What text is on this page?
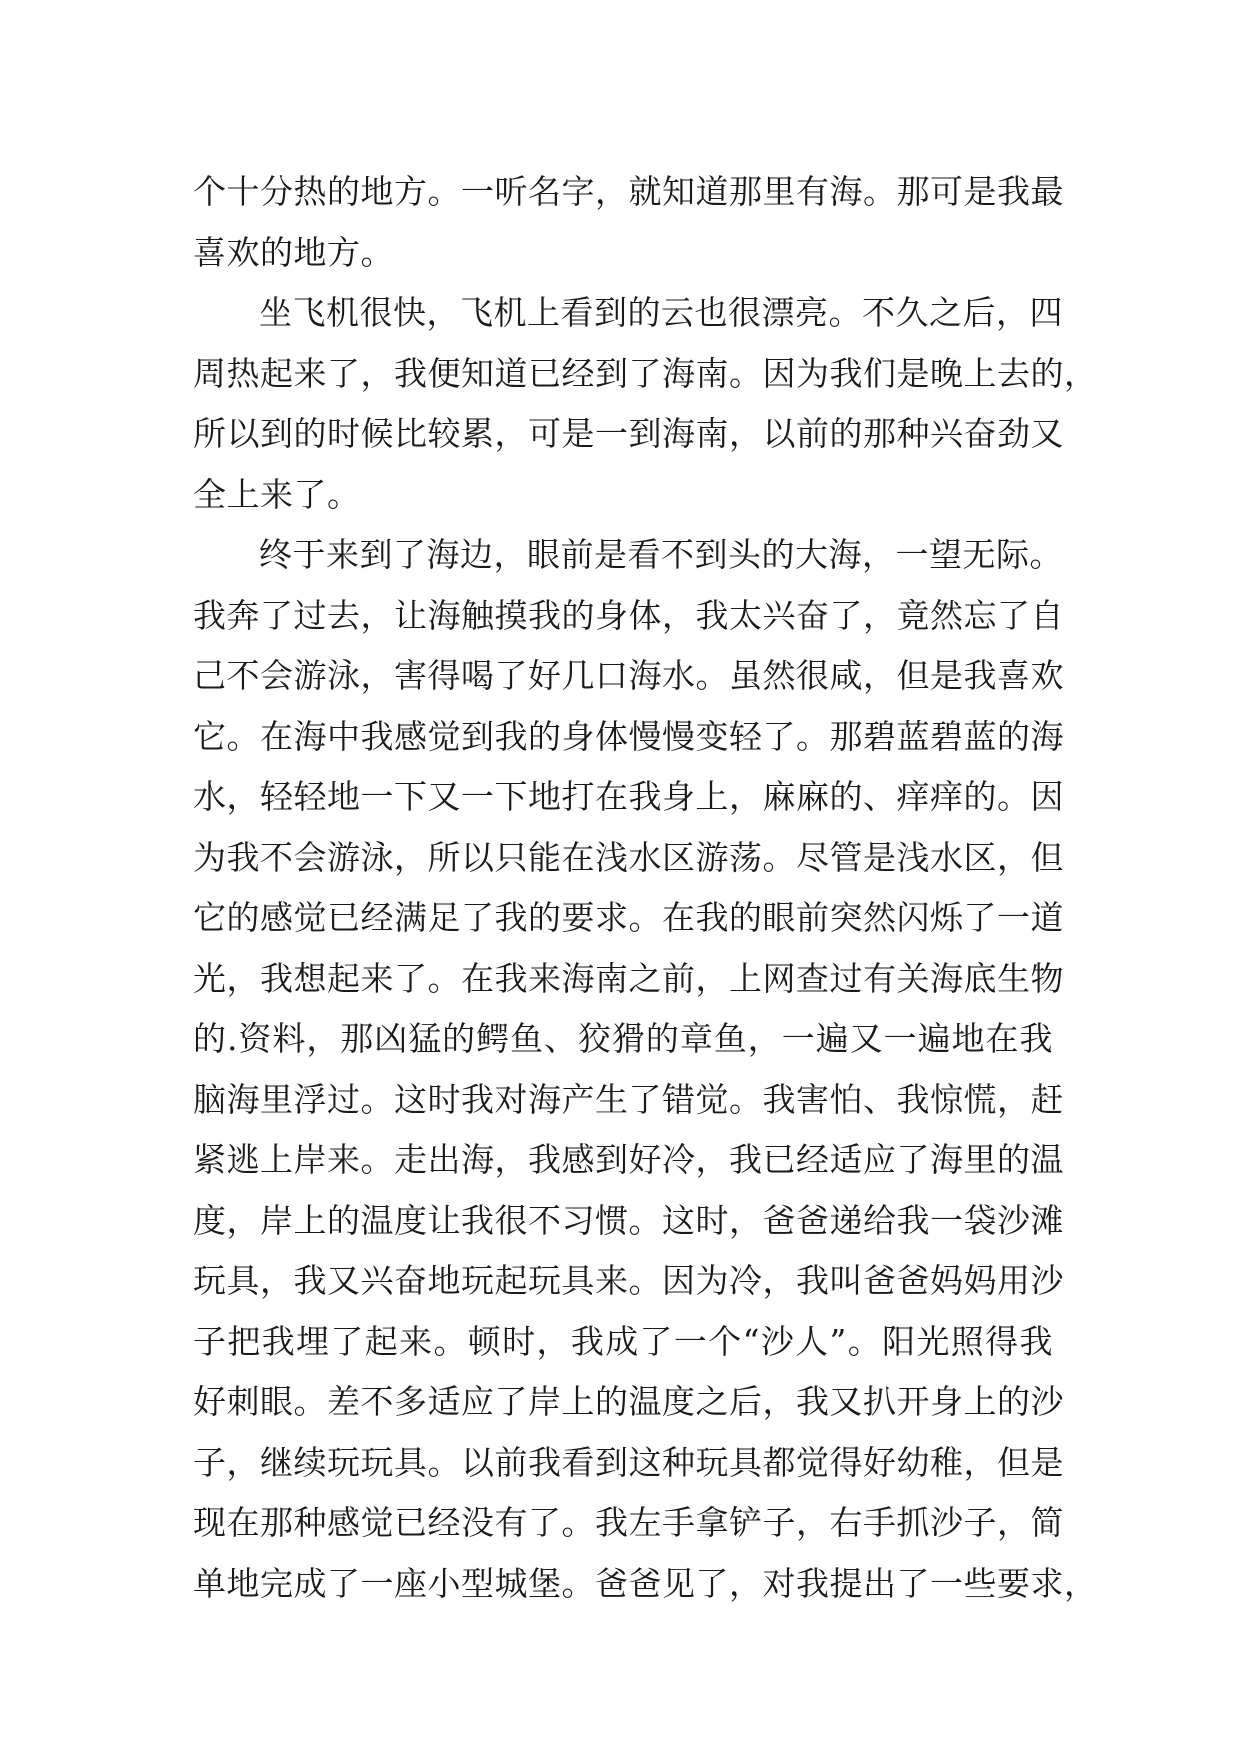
个十分热的地方。一听名字，就知道那里有海。那可是我最
喜欢的地方。
坐飞机很快，飞机上看到的云也很漂亮。不久之后，四
周热起来了，我便知道已经到了海南。因为我们是晚上去的，
所以到的时候比较累，可是一到海南，以前的那种兴奋劲又
全上来了。
终于来到了海边，眼前是看不到头的大海，一望无际。
我奔了过去，让海触摸我的身体，我太兴奋了，竟然忘了自
己不会游泳，害得喝了好几口海水。虽然很咸，但是我喜欢
它。在海中我感觉到我的身体慢慢变轻了。那碧蓝碧蓝的海
水，轻轻地一下又一下地打在我身上，麻麻的、痒痒的。因
为我不会游泳，所以只能在浅水区游荡。尽管是浅水区，但
它的感觉已经满足了我的要求。在我的眼前突然闪烁了一道
光，我想起来了。在我来海南之前，上网查过有关海底生物
的.资料，那凶猛的鳄鱼、狡猾的章鱼，一遍又一遍地在我
脑海里浮过。这时我对海产生了错觉。我害怕、我惊慌，赶
紧逃上岸来。走出海，我感到好冷，我已经适应了海里的温
度，岸上的温度让我很不习惯。这时，爸爸递给我一袋沙滩
玩具，我又兴奋地玩起玩具来。因为冷，我叫爸爸妈妈用沙
子把我埋了起来。顿时，我成了一个“沙人”。阳光照得我
好刺眼。差不多适应了岸上的温度之后，我又扒开身上的沙
子，继续玩玩具。以前我看到这种玩具都觉得好幼稚，但是
现在那种感觉已经没有了。我左手拿铲子，右手抓沙子，简
单地完成了一座小型城堡。爸爸见了，对我提出了一些要求，
